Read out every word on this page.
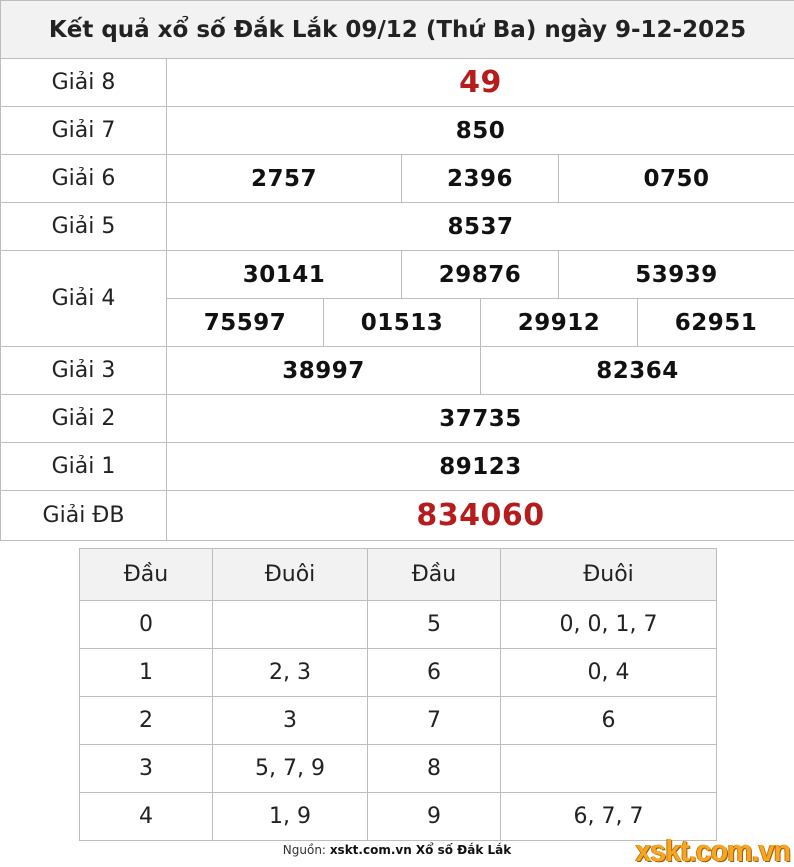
Kết quả xổ số Đắk Lắk 09/12 (Thứ Ba) ngày 9-12-2025						
Giải 8	49					
Giải 7	850					
Giải 6	2757		2396		0750	
Giải 5	8537					
Giải 4	30141		29876		53939	
	75597	01513		29912		62951
Giải 3	38997			82364		
Giải 2	37735					
Giải 1	89123					
Giải ĐB	834060					
Đầu	Đuôi	Đầu	Đuôi
0		5	0, 0, 1, 7
1	2, 3	6	0, 4
2	3	7	6
3	5, 7, 9	8	
4	1, 9	9	6, 7, 7
Nguồn: xskt.com.vn Xổ số Đắk Lắk	xskt.com.vn
